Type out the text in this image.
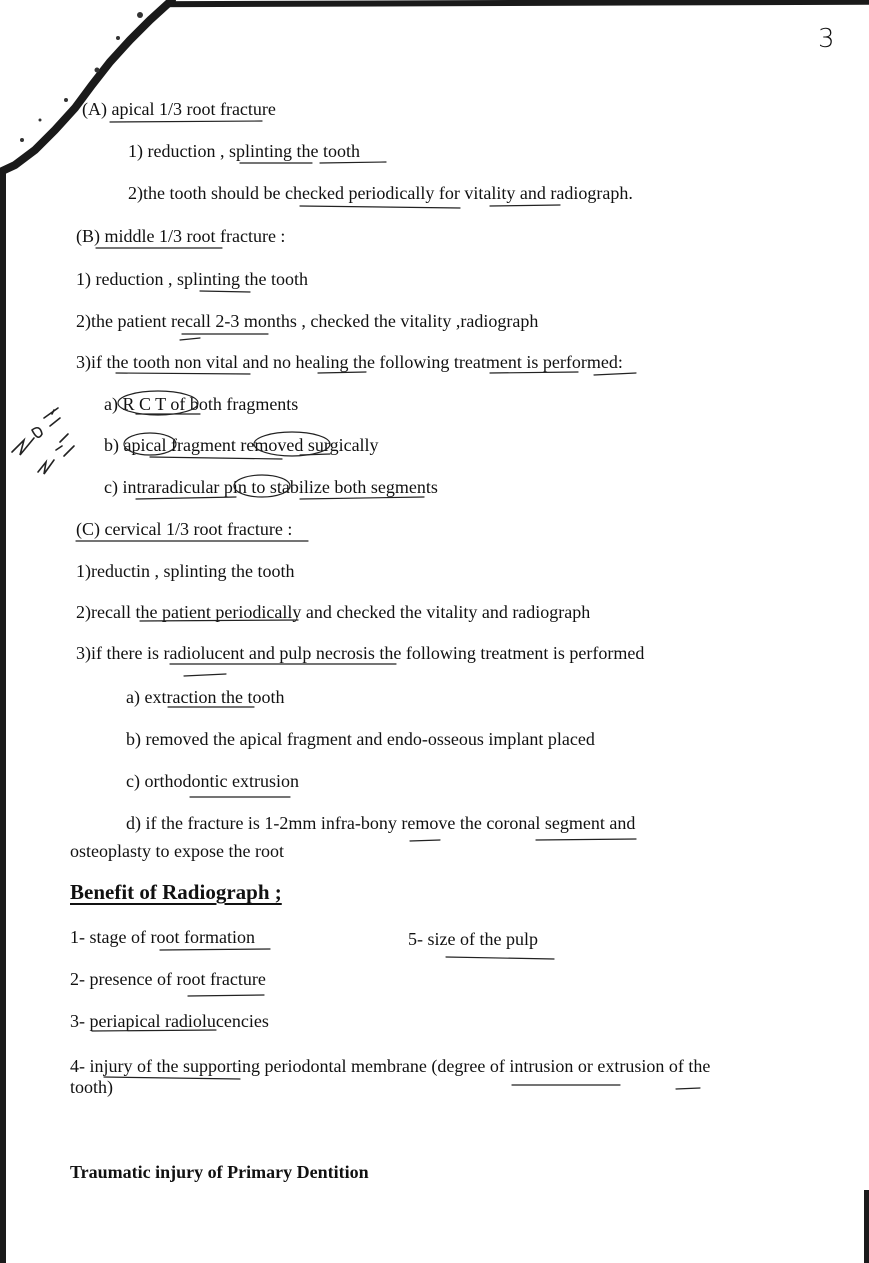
3
(A) apical 1/3 root fracture
1) reduction , splinting the tooth
2)the tooth should be checked periodically for vitality and radiograph.
(B) middle 1/3 root fracture :
1) reduction , splinting the tooth
2)the patient recall 2-3 months , checked the vitality ,radiograph
3)if the tooth non vital and no healing the following treatment is performed:
a) R C T of both fragments
b) apical fragment removed surgically
c) intraradicular pin to stabilize both segments
(C) cervical 1/3 root fracture :
1)reductin , splinting the tooth
2)recall the patient periodically and checked the vitality and radiograph
3)if there is radiolucent and pulp necrosis the following treatment is performed
a) extraction the tooth
b) removed the apical fragment and endo-osseous implant placed
c) orthodontic extrusion
d) if the fracture is 1-2mm infra-bony remove the coronal segment and
osteoplasty to expose the root
Benefit of Radiograph ;
1- stage of root formation	5- size of the pulp
2- presence of root fracture
3- periapical radiolucencies
4- injury of the supporting periodontal membrane (degree of intrusion or extrusion of the
tooth)
Traumatic injury of Primary Dentition
